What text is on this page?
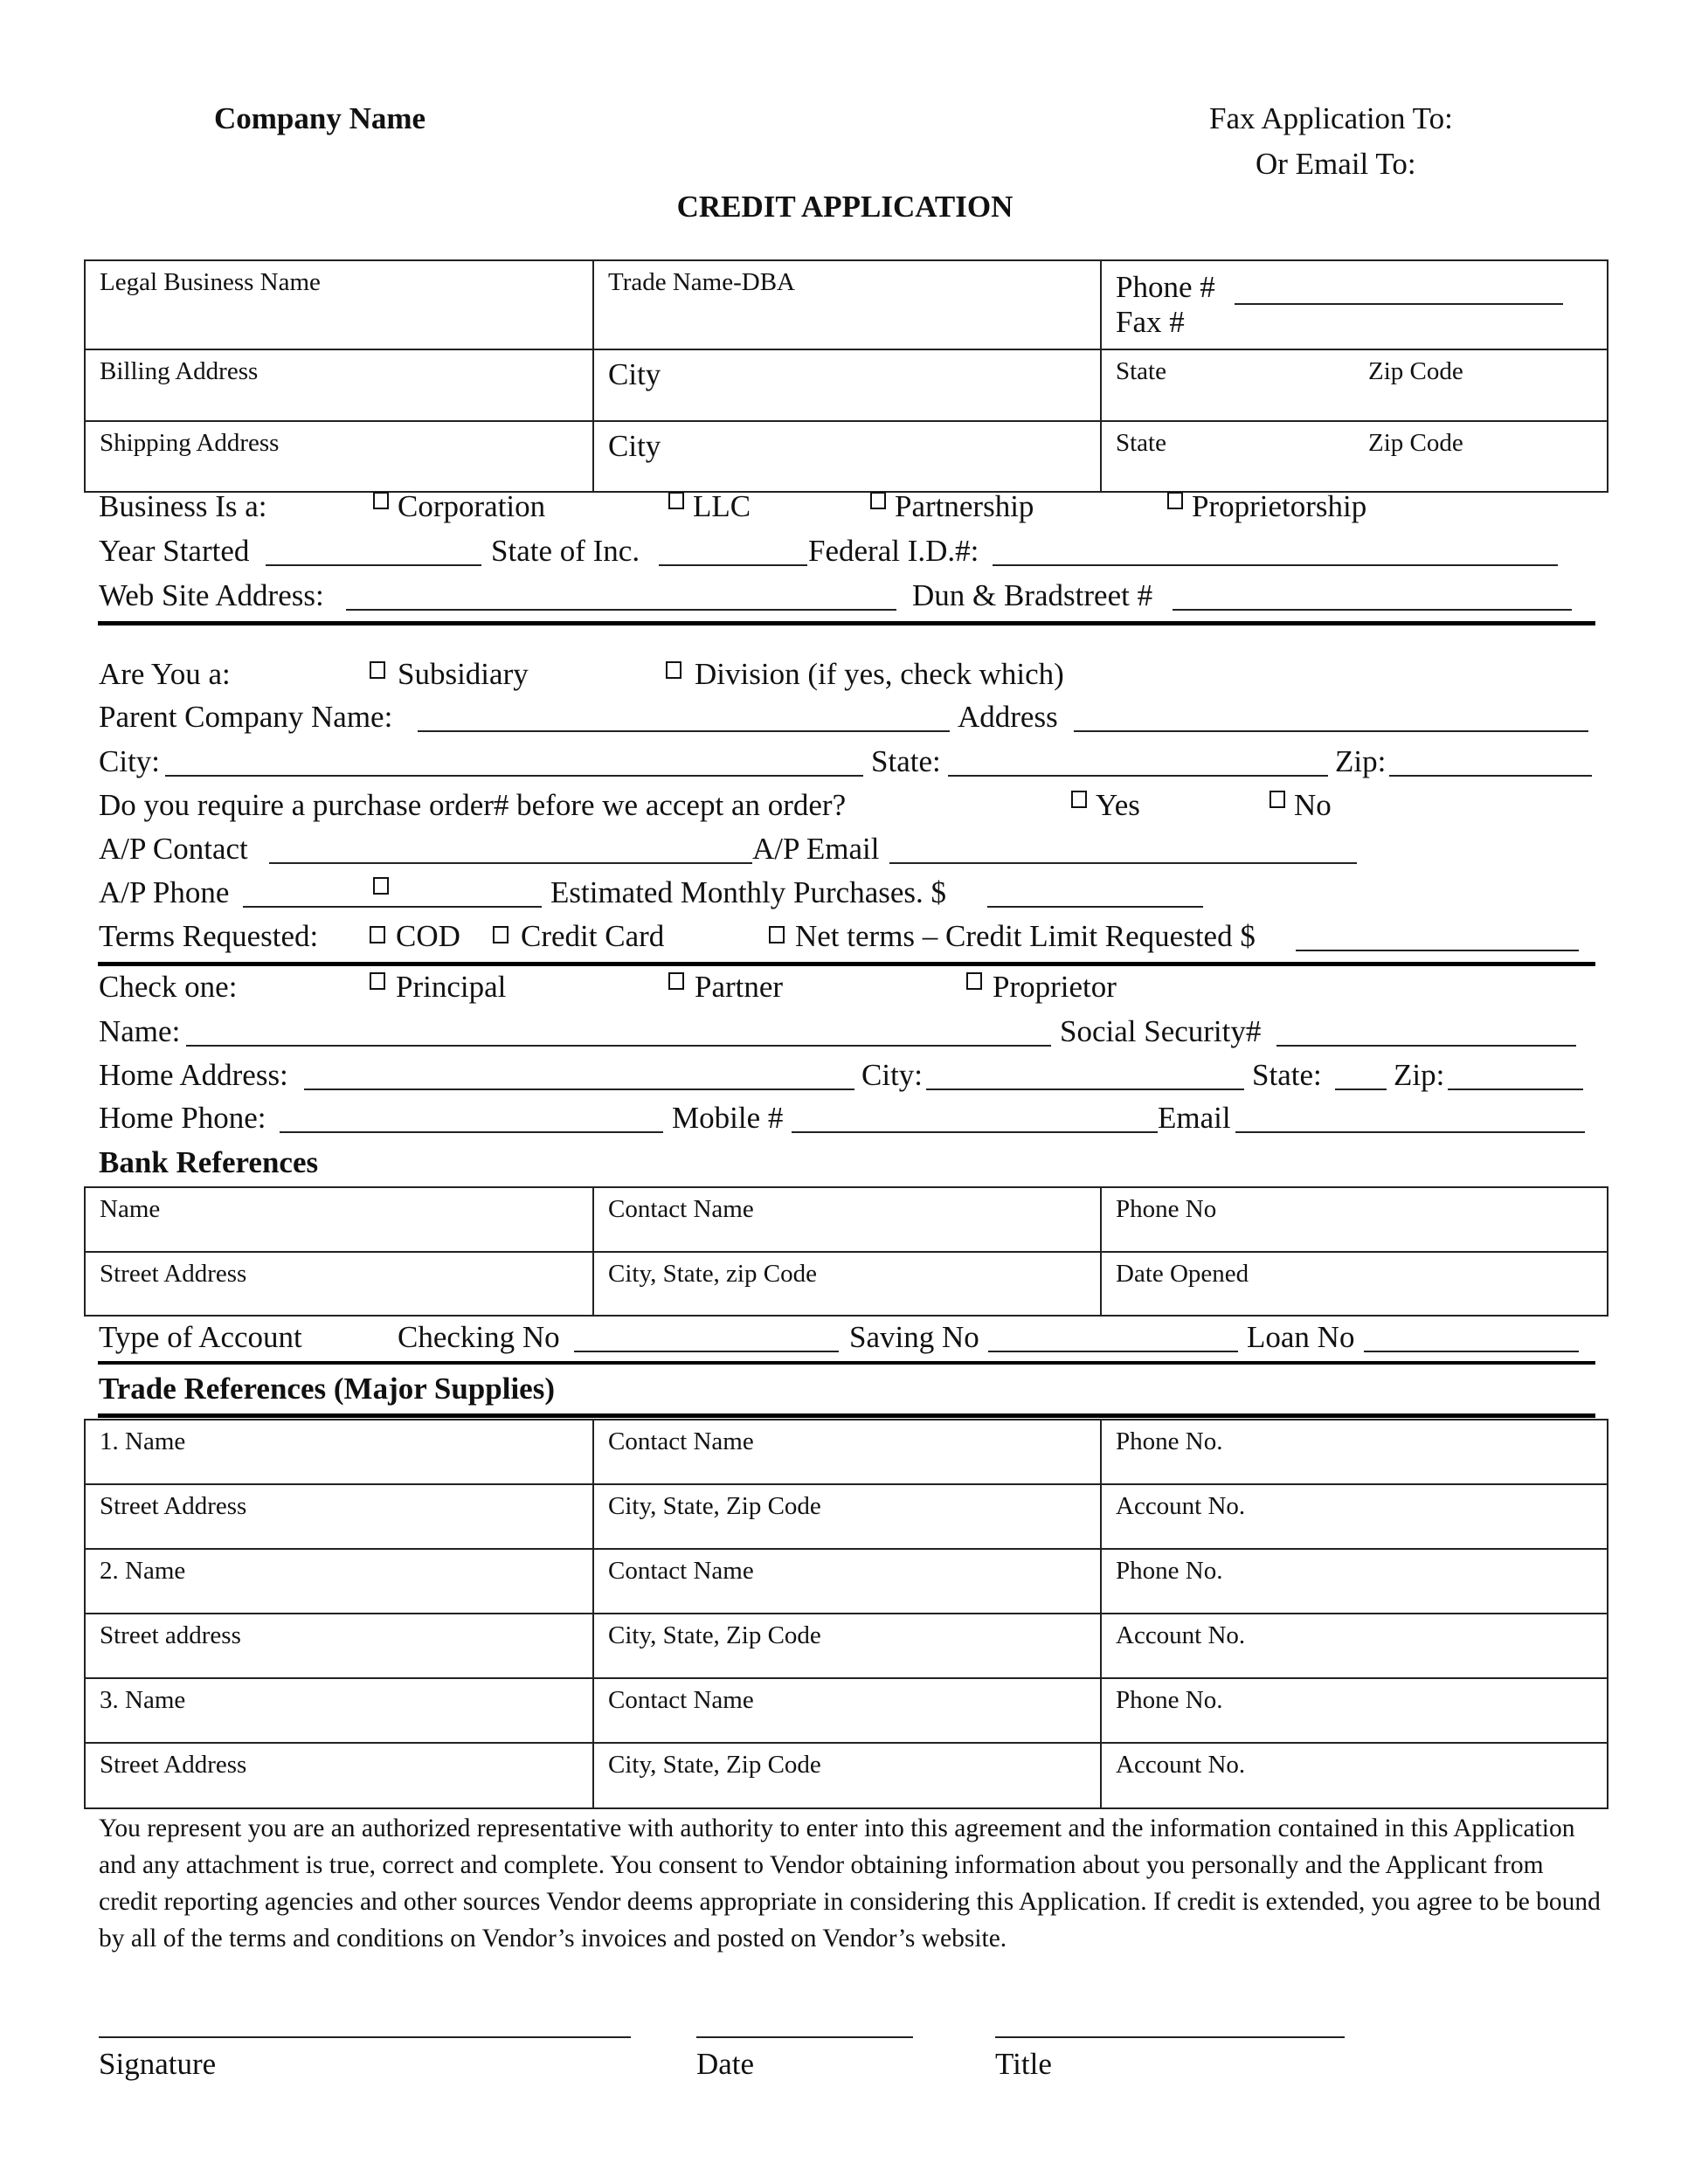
Company Name	Fax Application To:
Or Email To:
CREDIT APPLICATION
Legal Business Name	Trade Name-DBA	Phone #
Fax #

Billing Address	City	State Zip Code

Shipping Address	City	State Zip Code
Business Is a:	Corporation	LLC	Partnership	Proprietorship
Year Started	State of Inc.	Federal I.D.#:
Web Site Address:	Dun & Bradstreet #
Are You a:	Subsidiary	Division (if yes, check which)
Parent Company Name:	Address
City:	State:	Zip:
Do you require a purchase order# before we accept an order?	Yes	No
A/P Contact	A/P Email
A/P Phone	Estimated Monthly Purchases. $
Terms Requested:	COD Credit Card	Net terms – Credit Limit Requested $
Check one:	Principal	Partner	Proprietor
Name:	Social Security#
Home Address:	City:	State: Zip:
Home Phone:	Mobile #	Email
Bank References
Name	Contact Name	Phone No
Street Address	City, State, zip Code	Date Opened
Type of Account	Checking No	Saving No	Loan No
Trade References (Major Supplies)
1. Name	Contact Name	Phone No.
Street Address	City, State, Zip Code	Account No.
2. Name	Contact Name	Phone No.
Street address	City, State, Zip Code	Account No.
3. Name	Contact Name	Phone No.
Street Address	City, State, Zip Code	Account No.
You represent you are an authorized representative with authority to enter into this agreement and the information contained in this Application and any attachment is true, correct and complete. You consent to Vendor obtaining information about you personally and the Applicant from credit reporting agencies and other sources Vendor deems appropriate in considering this Application. If credit is extended, you agree to be bound by all of the terms and conditions on Vendor’s invoices and posted on Vendor’s website.
Signature	Date	Title
